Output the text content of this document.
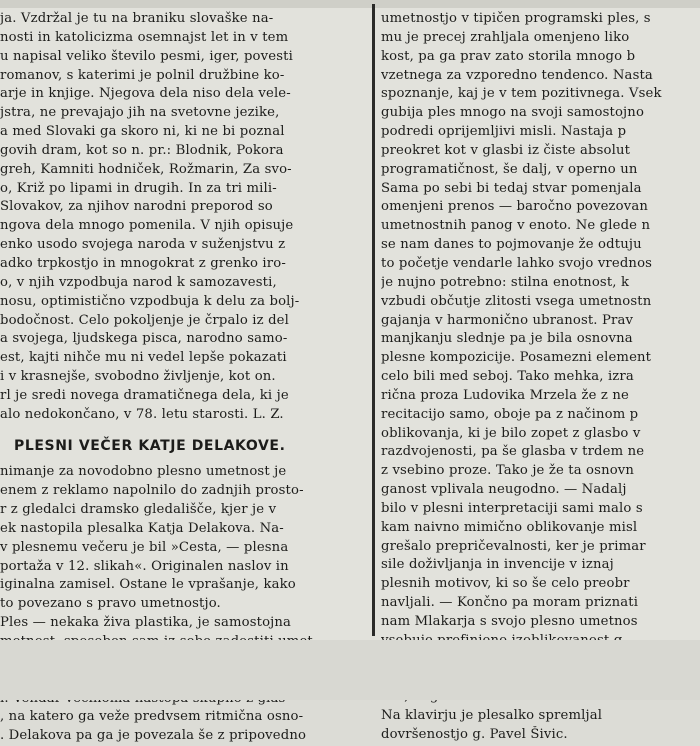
ja. Vzdržal je tu na braniku slovaške na-
nosti in katolicizma osemnajst let in v tem
u napisal veliko število pesmi, iger, povesti
romanov, s katerimi je polnil družbine ko-
arje in knjige. Njegova dela niso dela vele-
jstra, ne prevajajo jih na svetovne jezike,
a med Slovaki ga skoro ni, ki ne bi poznal
govih dram, kot so n. pr.: Blodnik, Pokora
greh, Kamniti hodniček, Rožmarin, Za svo-
o, Križ po lipami in drugih. In za tri mili-
Slovakov, za njihov narodni preporod so
ngova dela mnogo pomenila. V njih opisuje
enko usodo svojega naroda v suženjstvu z
adko trpkostjo in mnogokrat z grenko iro-
o, v njih vzpodbuja narod k samozavesti,
nosu, optimistično vzpodbuja k delu za bolj-
bodočnost. Celo pokoljenje je črpalo iz del
a svojega, ljudskega pisca, narodno samo-
est, kajti nihče mu ni vedel lepše pokazati
i v krasnejše, svobodno življenje, kot on.
rl je sredi novega dramatičnega dela, ki je
alo nedokončano, v 78. letu starosti. L. Z.
PLESNI VEČER KATJE DELAKOVE.
nimanje za novodobno plesno umetnost je
enem z reklamo napolnilo do zadnjih prosto-
r z gledalci dramsko gledališče, kjer je v
ek nastopila plesalka Katja Delakova. Na-
v plesnemu večeru je bil »Cesta, — plesna
portaža v 12. slikah«. Originalen naslov in
iginalna zamisel. Ostane le vprašanje, kako
to povezano s pravo umetnostjo.
Ples — nekaka živa plastika, je samostojna
, na katero ga veže predvsem ritmična osno-
. Delakova pa ga je povezala še z pripovedno
umetnostjo v tipičen programski ples, s
mu je precej zrahljala omenjeno liko
kost, pa ga prav zato storila mnogo b
vzetnega za vzporedno tendenco. Nasta
spoznanje, kaj je v tem pozitivnega. Vsek
gubija ples mnogo na svoji samostojno
podredi oprijemljivi misli. Nastaja p
preokret kot v glasbi iz čiste absolut
programatičnost, še dalj, v operno un
Sama po sebi bi tedaj stvar pomenjala
omenjeni prenos — baročno povezovan
umetnostnih panog v enoto. Ne glede n
se nam danes to pojmovanje že odtuju
to početje vendarle lahko svojo vrednos
je nujno potrebno: stilna enotnost, k
vzbudi občutje zlitosti vsega umetnostn
gajanja v harmonično ubranost. Prav
manjkanju slednje pa je bila osnovna
plesne kompozicije. Posamezni element
celo bili med seboj. Tako mehka, izra
rična proza Ludovika Mrzela že z ne
recitacijo samo, oboje pa z načinom p
oblikovanja, ki je bilo zopet z glasbo v
razdvojenosti, pa še glasba v trdem ne
z vsebino proze. Tako je že ta osnovn
ganost vplivala neugodno. — Nadalj
bilo v plesni interpretaciji sami malo s
kam naivno mimično oblikovanje misl
grešalo prepričevalnosti, ker je primar
sile doživljanja in invencije v iznaj
plesnih motivov, ki so še celo preobr
navljali. — Končno pa moram priznati
nam Mlakarja s svojo plesno umetnos
Na klavirju je plesalko spremljal
dovršenostjo g. Pavel Šivic.
